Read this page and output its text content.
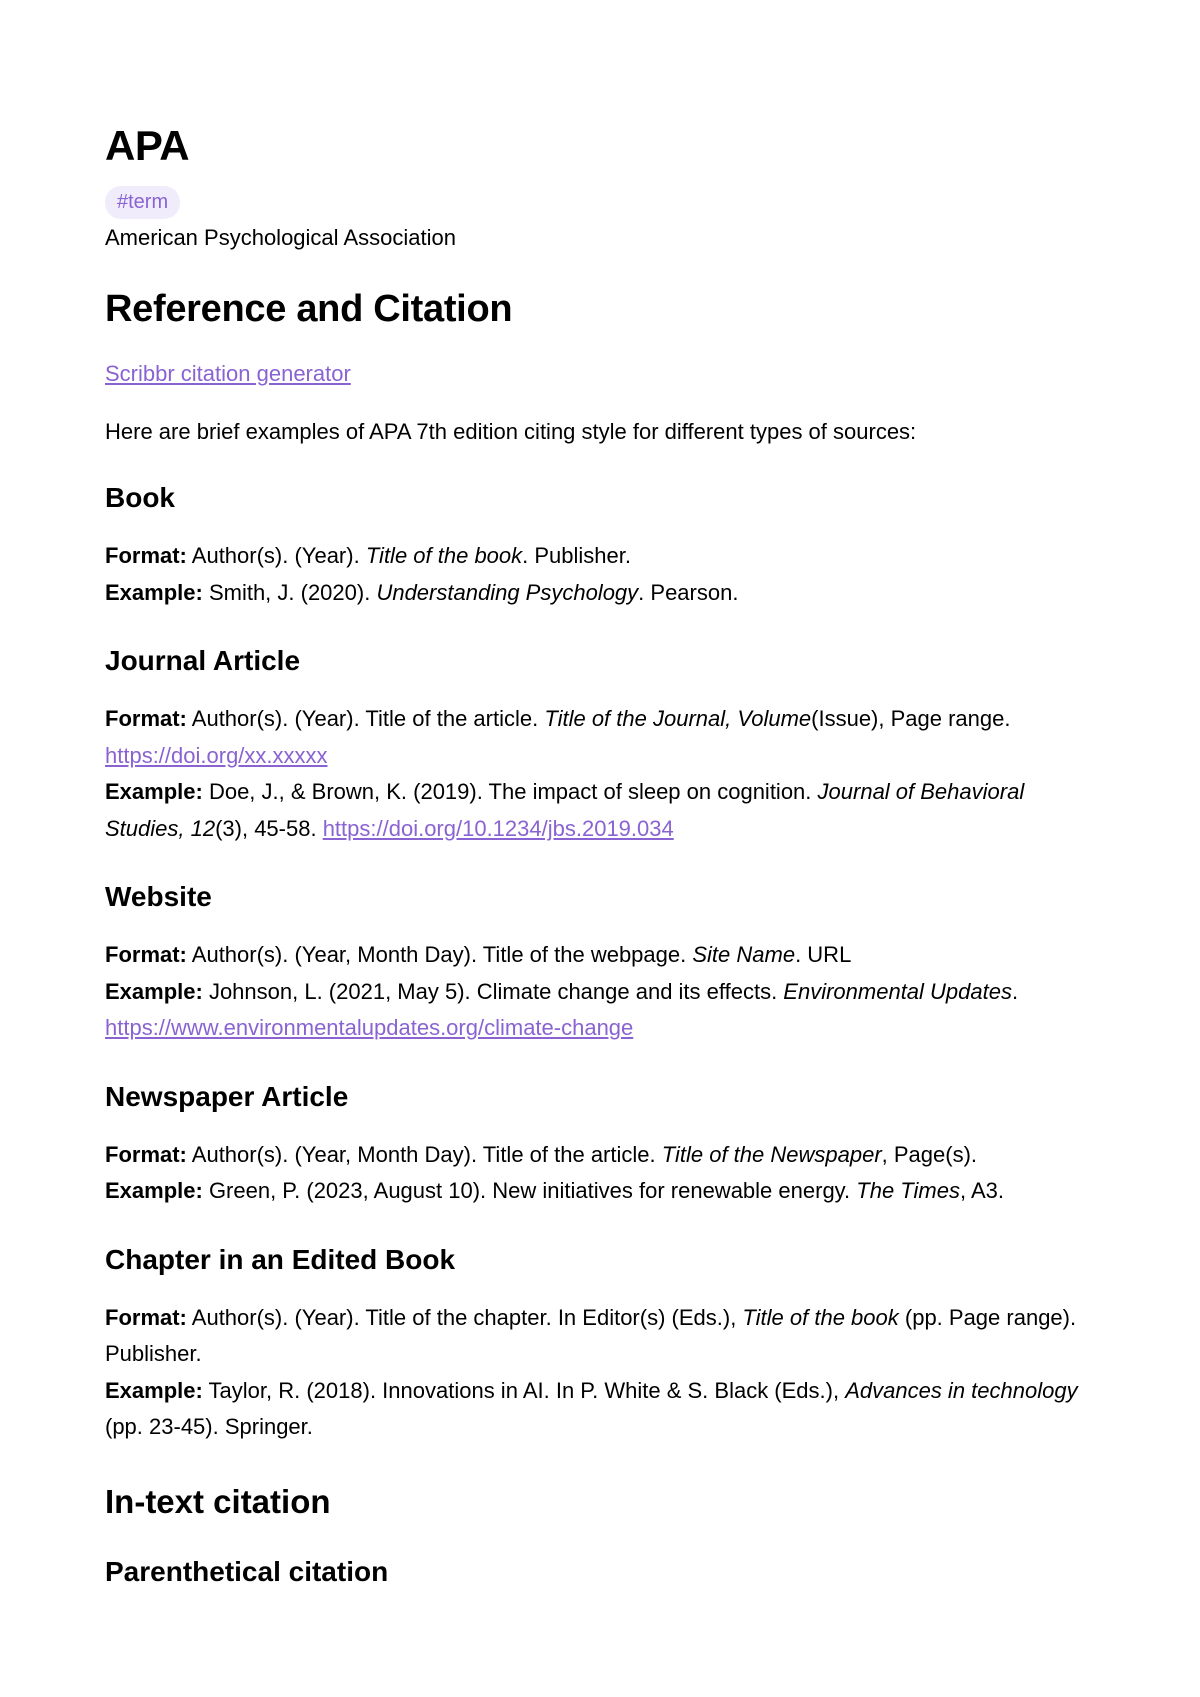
APA
#term
American Psychological Association
Reference and Citation
Scribbr citation generator
Here are brief examples of APA 7th edition citing style for different types of sources:
Book
Format: Author(s). (Year). Title of the book. Publisher.
Example: Smith, J. (2020). Understanding Psychology. Pearson.
Journal Article
Format: Author(s). (Year). Title of the article. Title of the Journal, Volume(Issue), Page range. https://doi.org/xx.xxxxx
Example: Doe, J., & Brown, K. (2019). The impact of sleep on cognition. Journal of Behavioral Studies, 12(3), 45-58. https://doi.org/10.1234/jbs.2019.034
Website
Format: Author(s). (Year, Month Day). Title of the webpage. Site Name. URL
Example: Johnson, L. (2021, May 5). Climate change and its effects. Environmental Updates. https://www.environmentalupdates.org/climate-change
Newspaper Article
Format: Author(s). (Year, Month Day). Title of the article. Title of the Newspaper, Page(s).
Example: Green, P. (2023, August 10). New initiatives for renewable energy. The Times, A3.
Chapter in an Edited Book
Format: Author(s). (Year). Title of the chapter. In Editor(s) (Eds.), Title of the book (pp. Page range). Publisher.
Example: Taylor, R. (2018). Innovations in AI. In P. White & S. Black (Eds.), Advances in technology (pp. 23-45). Springer.
In-text citation
Parenthetical citation
